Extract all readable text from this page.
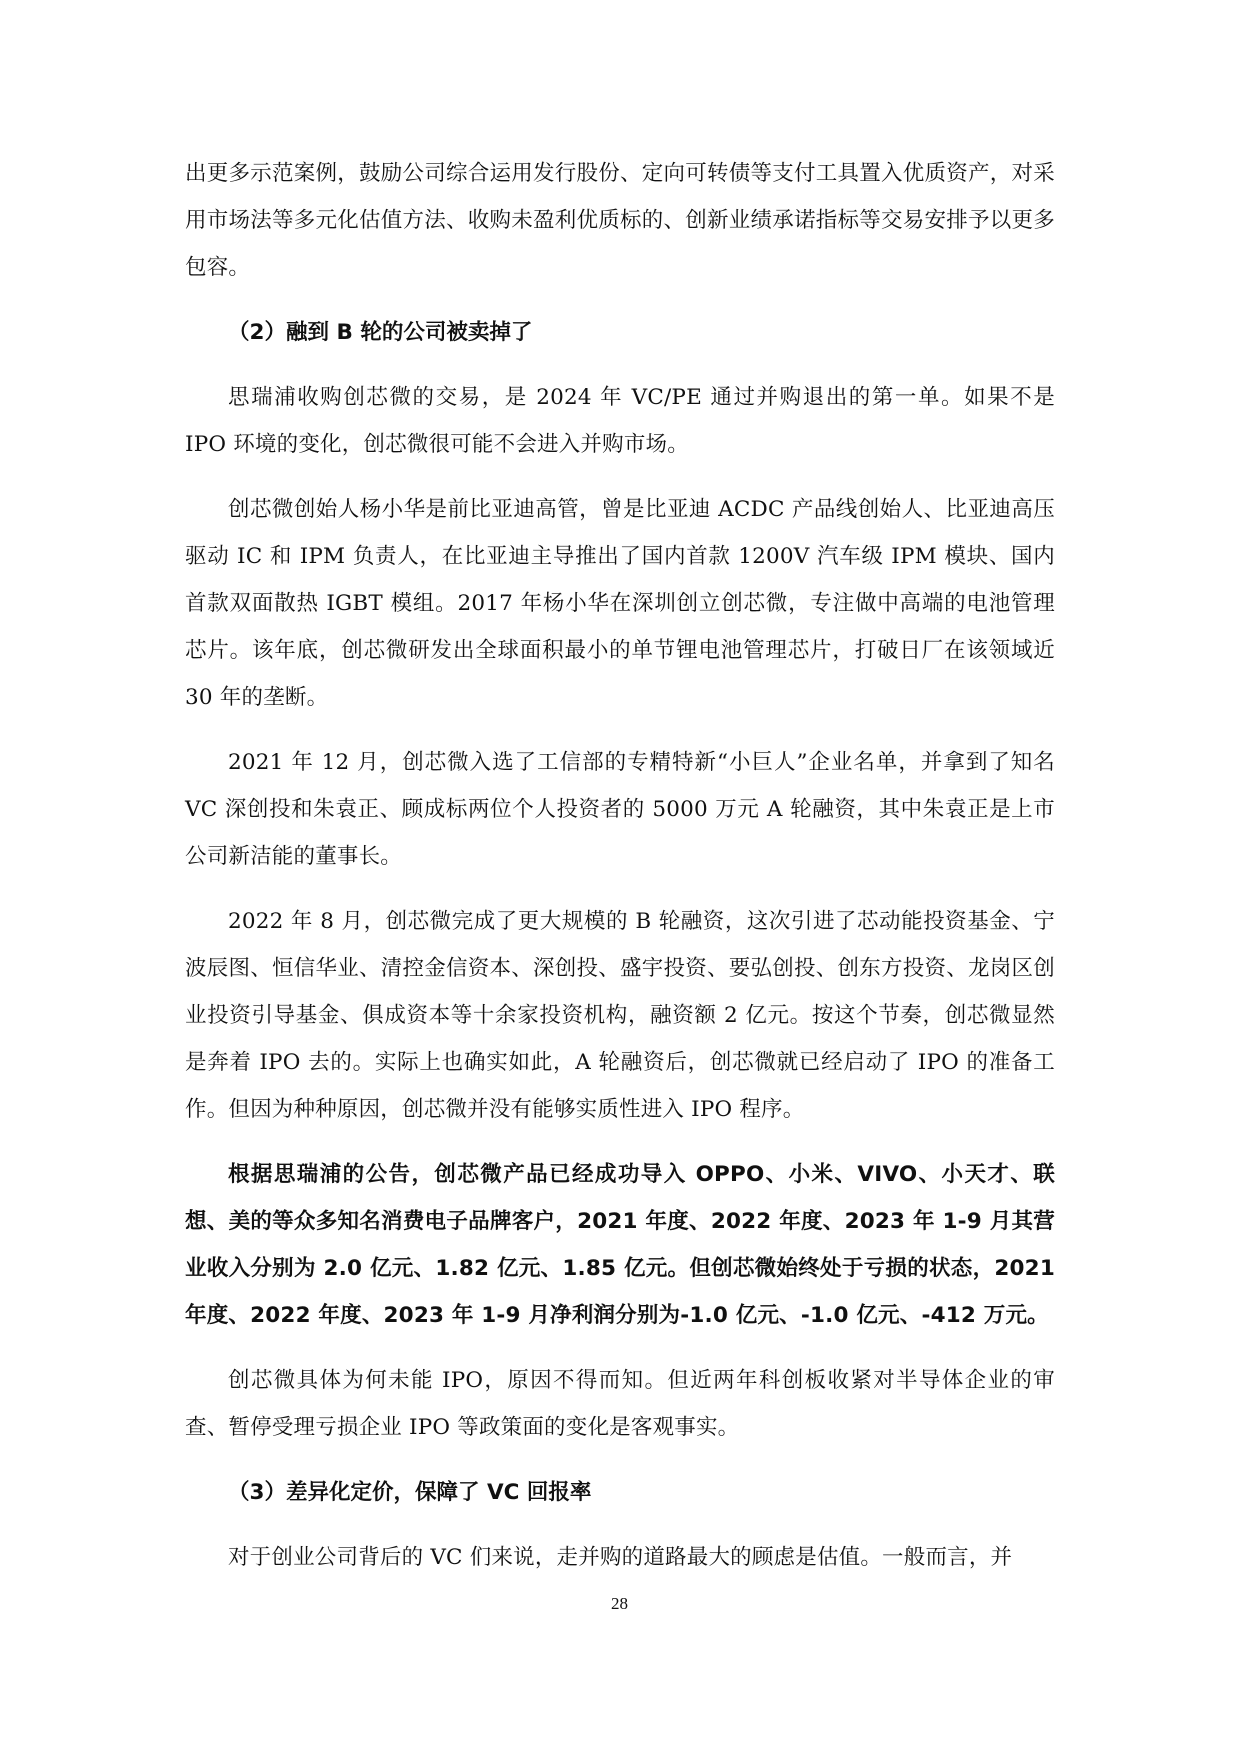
出更多示范案例，鼓励公司综合运用发行股份、定向可转债等支付工具置入优质资产，对采用市场法等多元化估值方法、收购未盈利优质标的、创新业绩承诺指标等交易安排予以更多包容。

（2）融到 B 轮的公司被卖掉了

思瑞浦收购创芯微的交易，是 2024 年 VC/PE 通过并购退出的第一单。如果不是 IPO 环境的变化，创芯微很可能不会进入并购市场。

创芯微创始人杨小华是前比亚迪高管，曾是比亚迪 ACDC 产品线创始人、比亚迪高压驱动 IC 和 IPM 负责人，在比亚迪主导推出了国内首款 1200V 汽车级 IPM 模块、国内首款双面散热 IGBT 模组。2017 年杨小华在深圳创立创芯微，专注做中高端的电池管理芯片。该年底，创芯微研发出全球面积最小的单节锂电池管理芯片，打破日厂在该领域近 30 年的垄断。

2021 年 12 月，创芯微入选了工信部的专精特新“小巨人”企业名单，并拿到了知名 VC 深创投和朱袁正、顾成标两位个人投资者的 5000 万元 A 轮融资，其中朱袁正是上市公司新洁能的董事长。

2022 年 8 月，创芯微完成了更大规模的 B 轮融资，这次引进了芯动能投资基金、宁波辰图、恒信华业、清控金信资本、深创投、盛宇投资、要弘创投、创东方投资、龙岗区创业投资引导基金、俱成资本等十余家投资机构，融资额 2 亿元。按这个节奏，创芯微显然是奔着 IPO 去的。实际上也确实如此，A 轮融资后，创芯微就已经启动了 IPO 的准备工作。但因为种种原因，创芯微并没有能够实质性进入 IPO 程序。

根据思瑞浦的公告，创芯微产品已经成功导入 OPPO、小米、VIVO、小天才、联想、美的等众多知名消费电子品牌客户，2021 年度、2022 年度、2023 年 1-9 月其营业收入分别为 2.0 亿元、1.82 亿元、1.85 亿元。但创芯微始终处于亏损的状态，2021 年度、2022 年度、2023 年 1-9 月净利润分别为-1.0 亿元、-1.0 亿元、-412 万元。

创芯微具体为何未能 IPO，原因不得而知。但近两年科创板收紧对半导体企业的审查、暂停受理亏损企业 IPO 等政策面的变化是客观事实。

（3）差异化定价，保障了 VC 回报率

对于创业公司背后的 VC 们来说，走并购的道路最大的顾虑是估值。一般而言，并

28
